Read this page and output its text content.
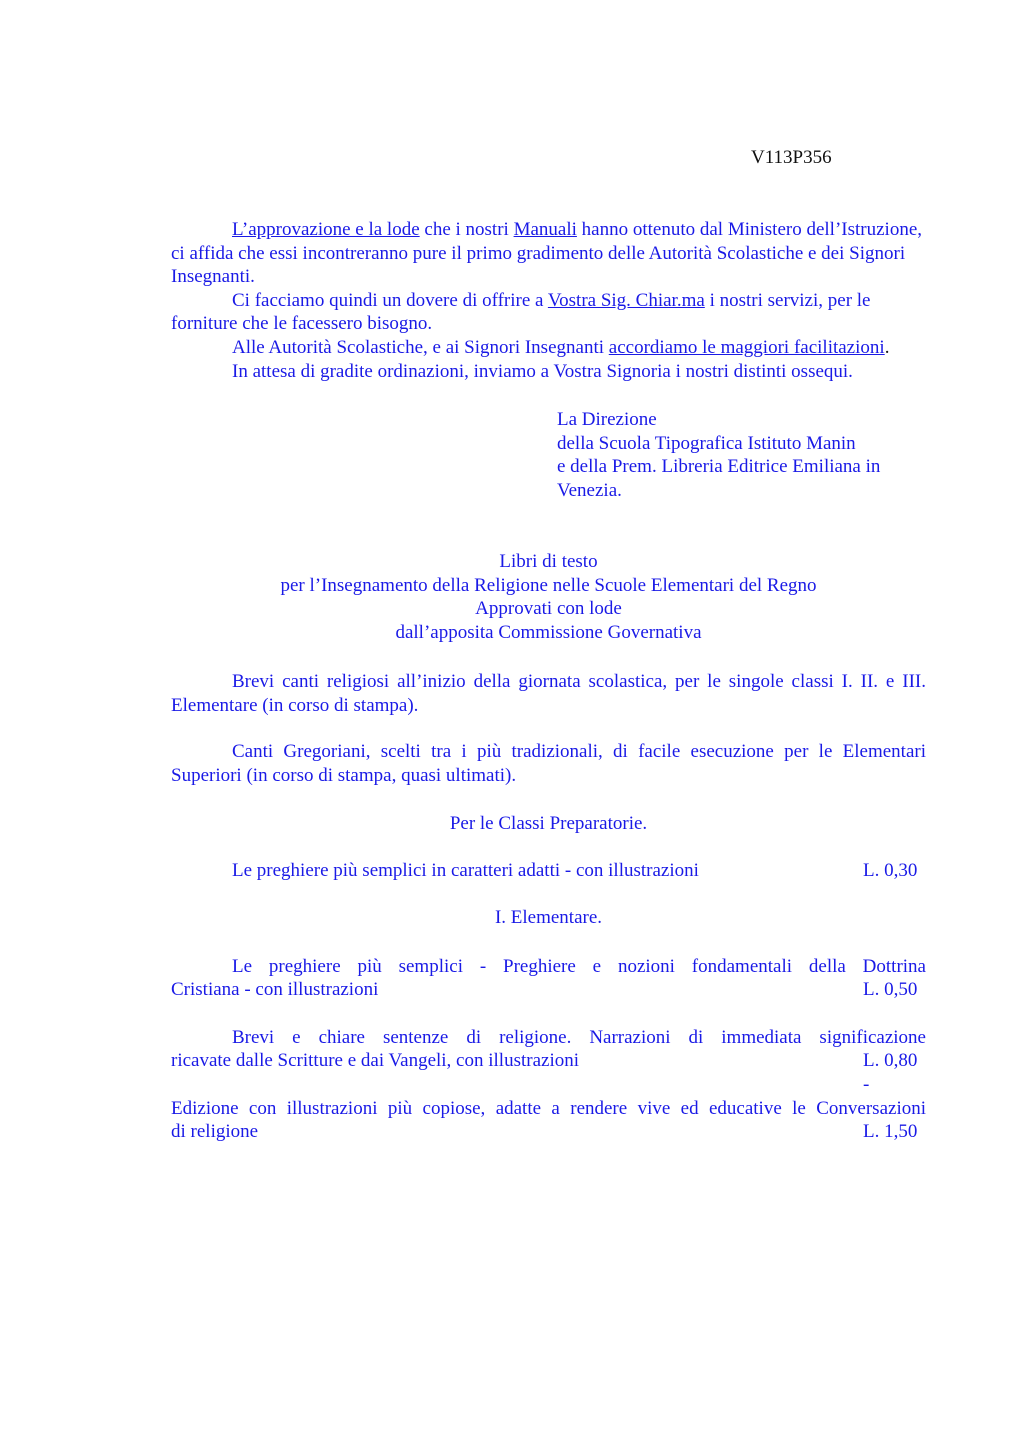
V113P356

L’approvazione e la lode che i nostri Manuali hanno ottenuto dal Ministero dell’Istruzione, ci affida che essi incontreranno pure il primo gradimento delle Autorità Scolastiche e dei Signori Insegnanti.

Ci facciamo quindi un dovere di offrire a Vostra Sig. Chiar.ma i nostri servizi, per le forniture che le facessero bisogno.

Alle Autorità Scolastiche, e ai Signori Insegnanti accordiamo le maggiori facilitazioni.

In attesa di gradite ordinazioni, inviamo a Vostra Signoria i nostri distinti ossequi.

La Direzione
della Scuola Tipografica Istituto Manin
e della Prem. Libreria Editrice Emiliana in
Venezia.
Libri di testo
per l’Insegnamento della Religione nelle Scuole Elementari del Regno
Approvati con lode
dall’apposita Commissione Governativa

Brevi canti religiosi all’inizio della giornata scolastica, per le singole classi I. II. e III. Elementare (in corso di stampa).

Canti Gregoriani, scelti tra i più tradizionali, di facile esecuzione per le Elementari Superiori (in corso di stampa, quasi ultimati).

Per le Classi Preparatorie.
Le preghiere più semplici in caratteri adatti - con illustrazioni	L. 0,30
I. Elementare.
Le preghiere più semplici - Preghiere e nozioni fondamentali della Dottrina
Cristiana - con illustrazioni	L. 0,50
Brevi e chiare sentenze di religione. Narrazioni di immediata significazione
ricavate dalle Scritture e dai Vangeli, con illustrazioni	L. 0,80
-
Edizione con illustrazioni più copiose, adatte a rendere vive ed educative le Conversazioni
di religione	L. 1,50
